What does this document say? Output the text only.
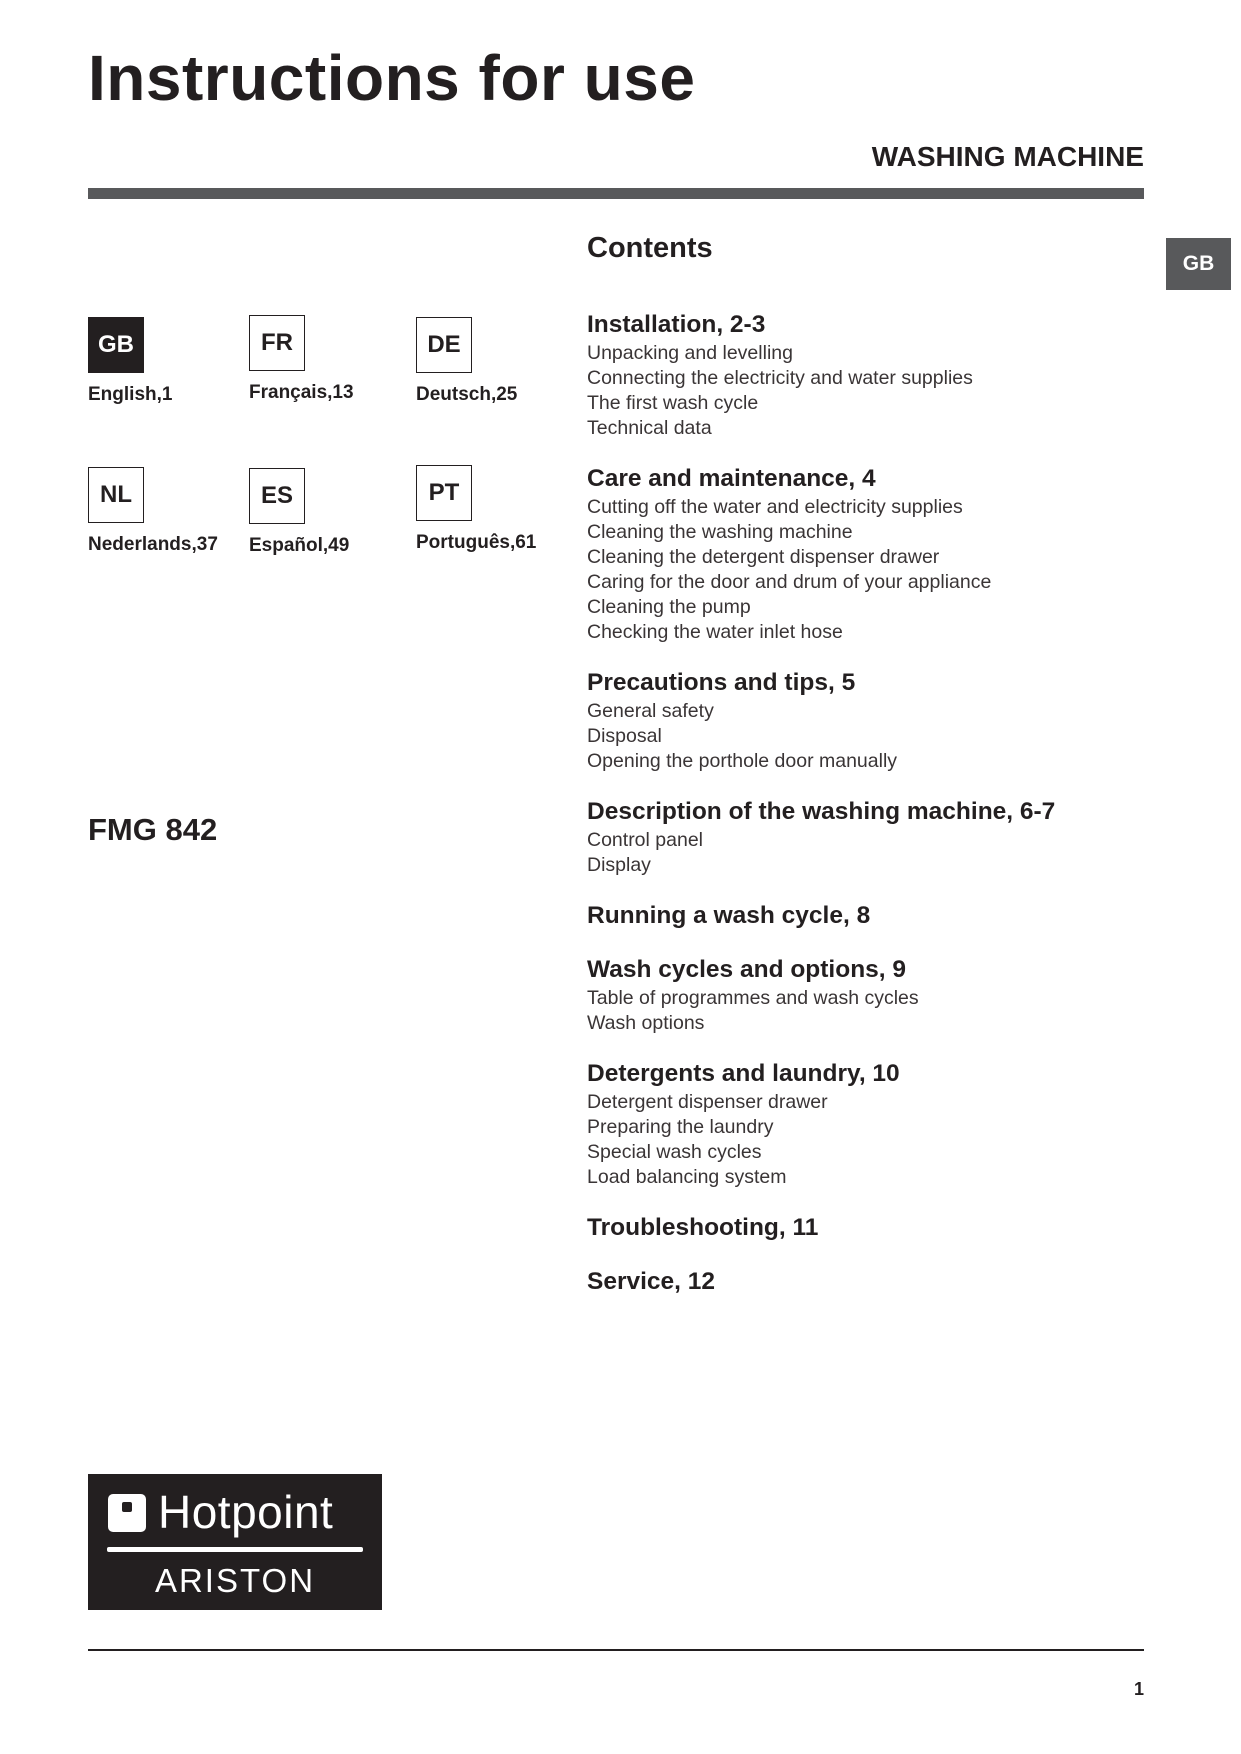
Instructions for use
WASHING MACHINE
GB
GB
English,1
FR
Français,13
DE
Deutsch,25
NL
Nederlands,37
ES
Español,49
PT
Português,61
FMG 842
Contents
Installation, 2-3
Unpacking and levelling
Connecting the electricity and water supplies
The first wash cycle
Technical data
Care and maintenance, 4
Cutting off the water and electricity supplies
Cleaning the washing machine
Cleaning the detergent dispenser drawer
Caring for the door and drum of your appliance
Cleaning the pump
Checking the water inlet hose
Precautions and tips, 5
General safety
Disposal
Opening the porthole door manually
Description of the washing machine, 6-7
Control panel
Display
Running a wash cycle, 8
Wash cycles and options, 9
Table of programmes and wash cycles
Wash options
Detergents and laundry, 10
Detergent dispenser drawer
Preparing the laundry
Special wash cycles
Load balancing system
Troubleshooting, 11
Service, 12
Hotpoint
ARISTON
1
